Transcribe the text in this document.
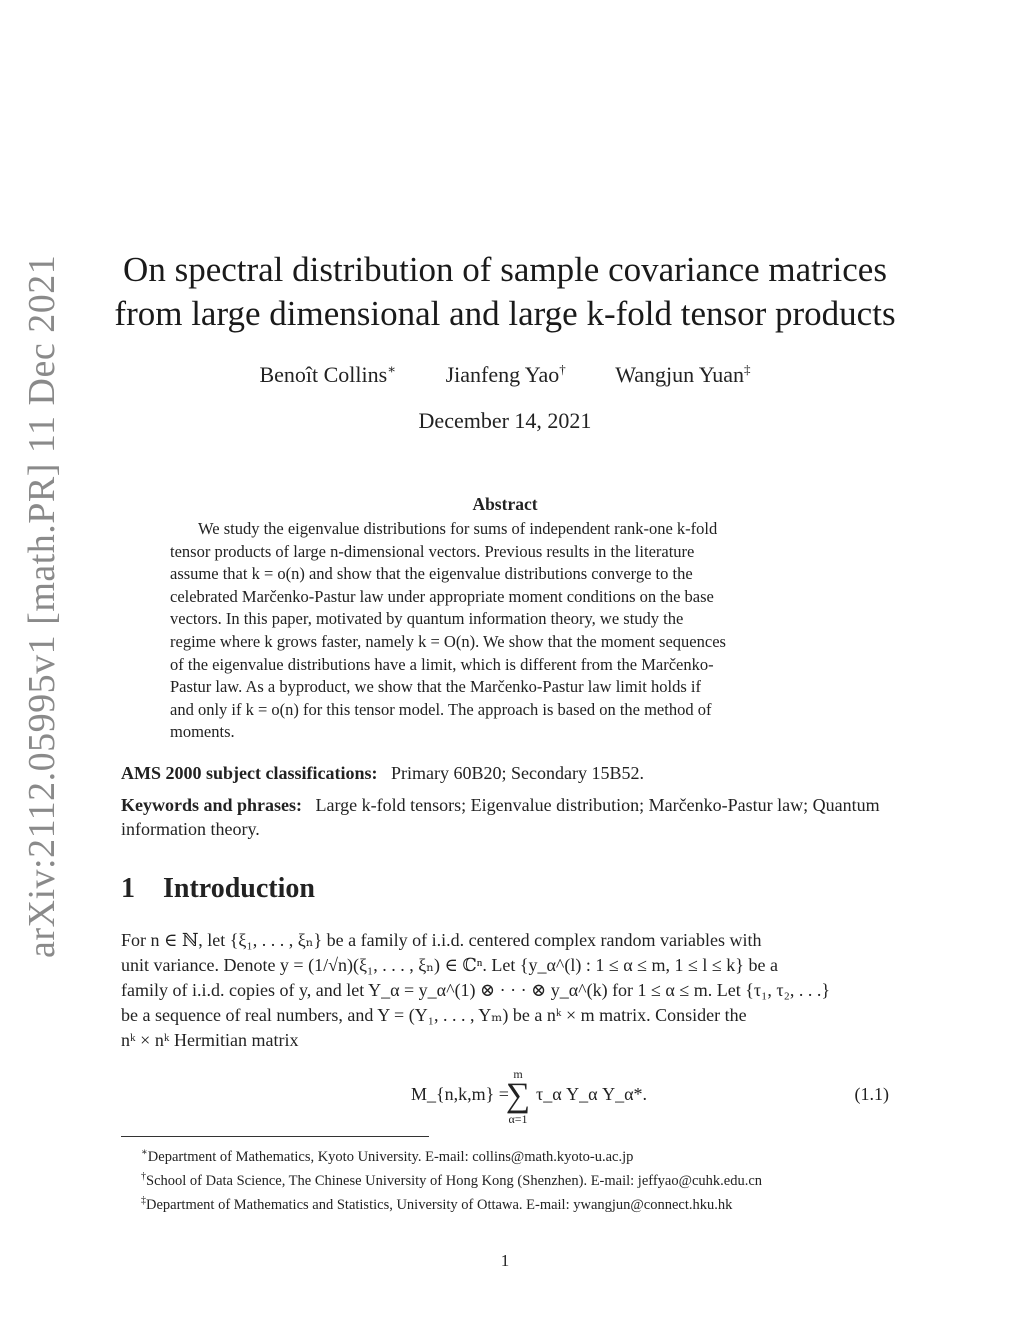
arXiv:2112.05995v1 [math.PR] 11 Dec 2021	On spectral distribution of sample covariance matrices
from large dimensional and large k-fold tensor products
Benoît Collins∗ Jianfeng Yao† Wangjun Yuan‡
December 14, 2021
Abstract
We study the eigenvalue distributions for sums of independent rank-one k-fold
tensor products of large n-dimensional vectors. Previous results in the literature
assume that k = o(n) and show that the eigenvalue distributions converge to the
celebrated Marčenko-Pastur law under appropriate moment conditions on the base
vectors. In this paper, motivated by quantum information theory, we study the
regime where k grows faster, namely k = O(n). We show that the moment sequences
of the eigenvalue distributions have a limit, which is different from the Marčenko-
Pastur law. As a byproduct, we show that the Marčenko-Pastur law limit holds if
and only if k = o(n) for this tensor model. The approach is based on the method of
moments.
AMS 2000 subject classifications: Primary 60B20; Secondary 15B52.
Keywords and phrases: Large k-fold tensors; Eigenvalue distribution; Marčenko-Pastur law; Quantum information theory.
1 Introduction
For n ∈ ℕ, let {ξ₁, . . . , ξₙ} be a family of i.i.d. centered complex random variables with
unit variance. Denote y = (1/√n)(ξ₁, . . . , ξₙ) ∈ ℂⁿ. Let {y_α^(l) : 1 ≤ α ≤ m, 1 ≤ l ≤ k} be a
family of i.i.d. copies of y, and let Y_α = y_α^(1) ⊗ · · · ⊗ y_α^(k) for 1 ≤ α ≤ m. Let {τ₁, τ₂, . . .}
be a sequence of real numbers, and Y = (Y₁, . . . , Yₘ) be a nᵏ × m matrix. Consider the
nᵏ × nᵏ Hermitian matrix
M_{n,k,m} =
m
∑
α=1
τ_α Y_α Y_α*.	(1.1)

∗Department of Mathematics, Kyoto University. E-mail: collins@math.kyoto-u.ac.jp

†School of Data Science, The Chinese University of Hong Kong (Shenzhen). E-mail: jeffyao@cuhk.edu.cn

‡Department of Mathematics and Statistics, University of Ottawa. E-mail: ywangjun@connect.hku.hk

1
